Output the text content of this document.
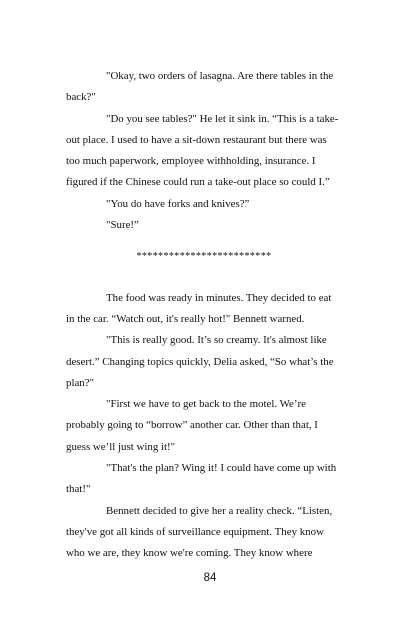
"Okay, two orders of lasagna. Are there tables in the back?"

"Do you see tables?" He let it sink in. “This is a take-out place. I used to have a sit-down restaurant but there was too much paperwork, employee withholding, insurance. I figured if the Chinese could run a take-out place so could I.”

"You do have forks and knives?”

"Sure!”

*************************

The food was ready in minutes. They decided to eat in the car. “Watch out, it's really hot!" Bennett warned.

"This is really good. It’s so creamy. It's almost like desert.” Changing topics quickly, Delia asked, “So what’s the plan?"

"First we have to get back to the motel. We’re probably going to “borrow” another car. Other than that, I guess we’ll just wing it!"

"That's the plan? Wing it! I could have come up with that!"

Bennett decided to give her a reality check. “Listen, they've got all kinds of surveillance equipment. They know who we are, they know we're coming. They know where

84
